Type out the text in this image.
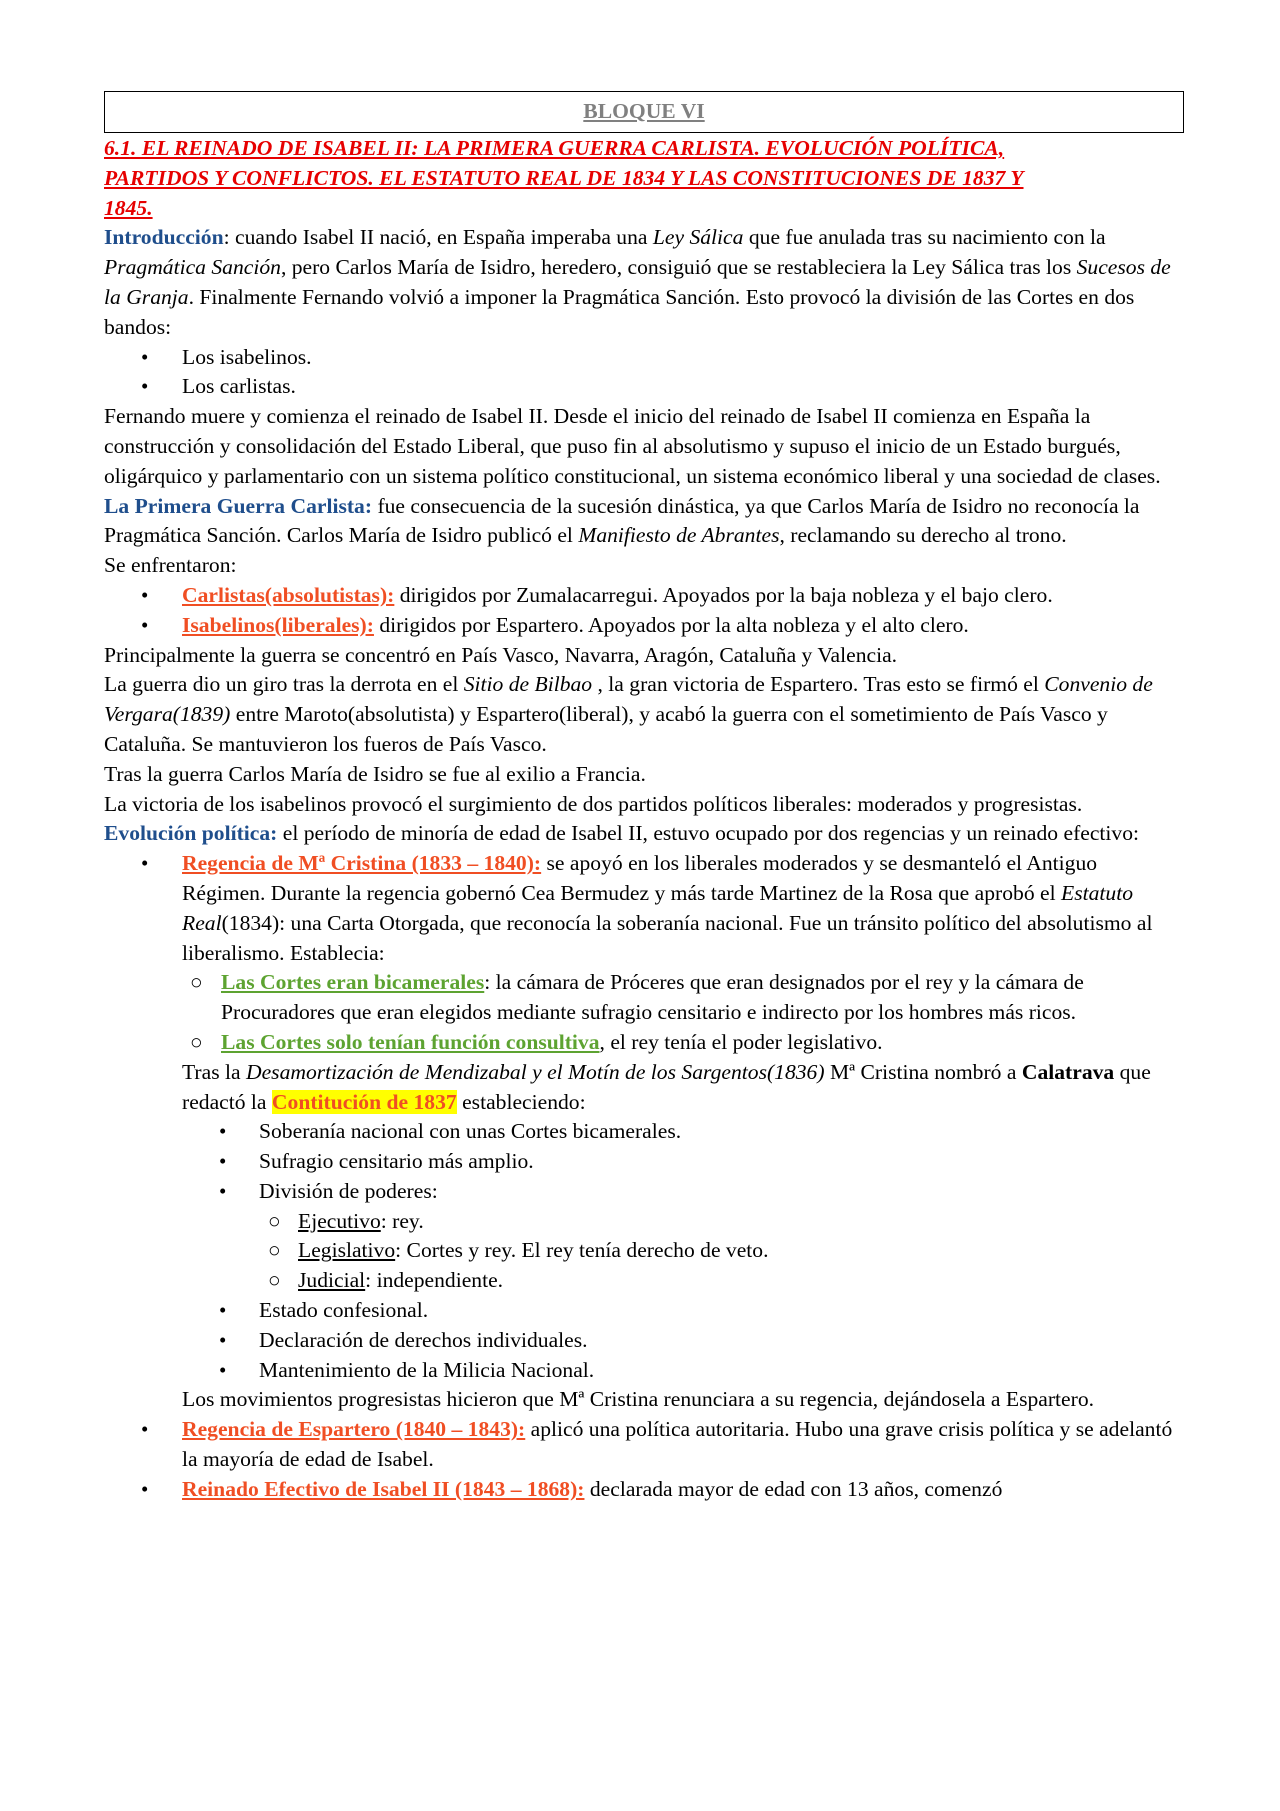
BLOQUE VI
6.1. EL REINADO DE ISABEL II: LA PRIMERA GUERRA CARLISTA. EVOLUCIÓN POLÍTICA, PARTIDOS Y CONFLICTOS. EL ESTATUTO REAL DE 1834 Y LAS CONSTITUCIONES DE 1837 Y 1845.
Introducción: cuando Isabel II nació, en España imperaba una Ley Sálica que fue anulada tras su nacimiento con la Pragmática Sanción, pero Carlos María de Isidro, heredero, consiguió que se restableciera la Ley Sálica tras los Sucesos de la Granja. Finalmente Fernando volvió a imponer la Pragmática Sanción. Esto provocó la división de las Cortes en dos bandos:
• Los isabelinos.
• Los carlistas.
Fernando muere y comienza el reinado de Isabel II. Desde el inicio del reinado de Isabel II comienza en España la construcción y consolidación del Estado Liberal, que puso fin al absolutismo y supuso el inicio de un Estado burgués, oligárquico y parlamentario con un sistema político constitucional, un sistema económico liberal y una sociedad de clases.
La Primera Guerra Carlista: fue consecuencia de la sucesión dinástica, ya que Carlos María de Isidro no reconocía la Pragmática Sanción. Carlos María de Isidro publicó el Manifiesto de Abrantes, reclamando su derecho al trono.
Se enfrentaron:
• Carlistas(absolutistas): dirigidos por Zumalacarregui. Apoyados por la baja nobleza y el bajo clero.
• Isabelinos(liberales): dirigidos por Espartero. Apoyados por la alta nobleza y el alto clero.
Principalmente la guerra se concentró en País Vasco, Navarra, Aragón, Cataluña y Valencia.
La guerra dio un giro tras la derrota en el Sitio de Bilbao , la gran victoria de Espartero. Tras esto se firmó el Convenio de Vergara(1839) entre Maroto(absolutista) y Espartero(liberal), y acabó la guerra con el sometimiento de País Vasco y Cataluña. Se mantuvieron los fueros de País Vasco.
Tras la guerra Carlos María de Isidro se fue al exilio a Francia.
La victoria de los isabelinos provocó el surgimiento de dos partidos políticos liberales: moderados y progresistas.
Evolución política: el período de minoría de edad de Isabel II, estuvo ocupado por dos regencias y un reinado efectivo:
• Regencia de Mª Cristina (1833 – 1840): se apoyó en los liberales moderados y se desmanteló el Antiguo Régimen. Durante la regencia gobernó Cea Bermudez y más tarde Martinez de la Rosa que aprobó el Estatuto Real(1834): una Carta Otorgada, que reconocía la soberanía nacional. Fue un tránsito político del absolutismo al liberalismo. Establecia:
○ Las Cortes eran bicamerales: la cámara de Próceres que eran designados por el rey y la cámara de Procuradores que eran elegidos mediante sufragio censitario e indirecto por los hombres más ricos.
○ Las Cortes solo tenían función consultiva, el rey tenía el poder legislativo.
Tras la Desamortización de Mendizabal y el Motín de los Sargentos(1836) Mª Cristina nombró a Calatrava que redactó la Contitución de 1837 estableciendo:
• Soberanía nacional con unas Cortes bicamerales.
• Sufragio censitario más amplio.
• División de poderes:
○ Ejecutivo: rey.
○ Legislativo: Cortes y rey. El rey tenía derecho de veto.
○ Judicial: independiente.
• Estado confesional.
• Declaración de derechos individuales.
• Mantenimiento de la Milicia Nacional.
Los movimientos progresistas hicieron que Mª Cristina renunciara a su regencia, dejándosela a Espartero.
• Regencia de Espartero (1840 – 1843): aplicó una política autoritaria. Hubo una grave crisis política y se adelantó la mayoría de edad de Isabel.
• Reinado Efectivo de Isabel II (1843 – 1868): declarada mayor de edad con 13 años, comenzó
